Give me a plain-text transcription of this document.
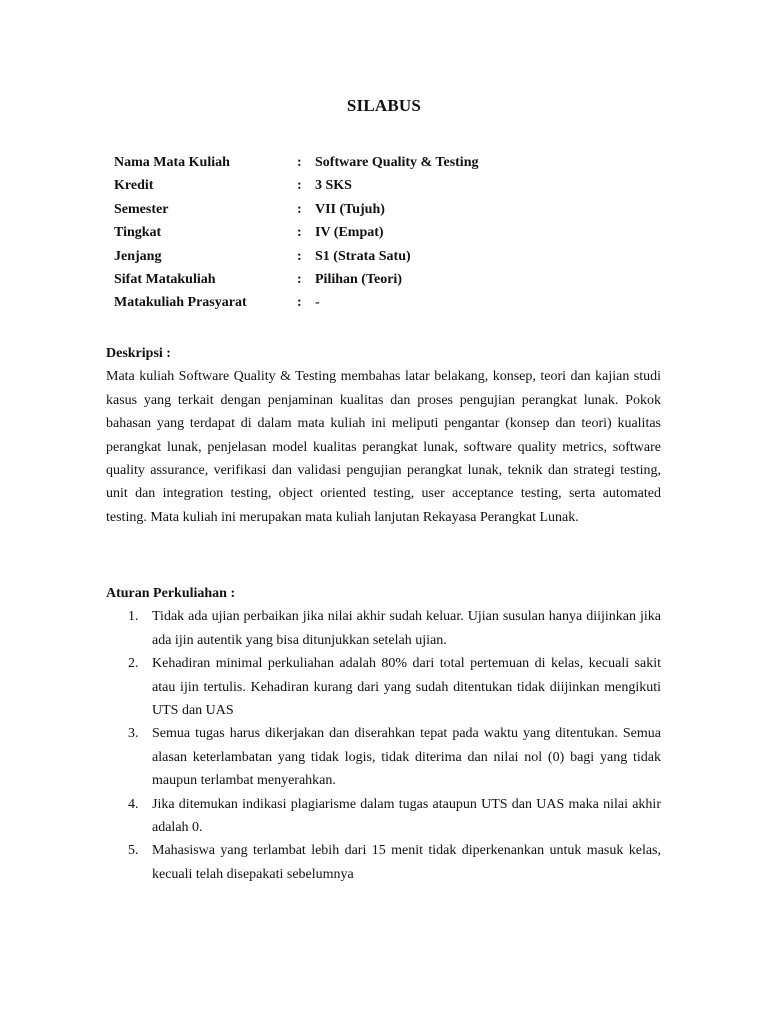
SILABUS
Nama Mata Kuliah	: Software Quality & Testing
Kredit	: 3 SKS
Semester	: VII (Tujuh)
Tingkat	: IV (Empat)
Jenjang	: S1 (Strata Satu)
Sifat Matakuliah	: Pilihan (Teori)
Matakuliah Prasyarat	: -
Deskripsi :

Mata kuliah Software Quality & Testing membahas latar belakang, konsep, teori dan kajian studi kasus yang terkait dengan penjaminan kualitas dan proses pengujian perangkat lunak. Pokok bahasan yang terdapat di dalam mata kuliah ini meliputi pengantar (konsep dan teori) kualitas perangkat lunak, penjelasan model kualitas perangkat lunak, software quality metrics, software quality assurance, verifikasi dan validasi pengujian perangkat lunak, teknik dan strategi testing, unit dan integration testing, object oriented testing, user acceptance testing, serta automated testing. Mata kuliah ini merupakan mata kuliah lanjutan Rekayasa Perangkat Lunak.

Aturan Perkuliahan :
1. Tidak ada ujian perbaikan jika nilai akhir sudah keluar. Ujian susulan hanya diijinkan jika ada ijin autentik yang bisa ditunjukkan setelah ujian.
2. Kehadiran minimal perkuliahan adalah 80% dari total pertemuan di kelas, kecuali sakit atau ijin tertulis. Kehadiran kurang dari yang sudah ditentukan tidak diijinkan mengikuti UTS dan UAS
3. Semua tugas harus dikerjakan dan diserahkan tepat pada waktu yang ditentukan. Semua alasan keterlambatan yang tidak logis, tidak diterima dan nilai nol (0) bagi yang tidak maupun terlambat menyerahkan.
4. Jika ditemukan indikasi plagiarisme dalam tugas ataupun UTS dan UAS maka nilai akhir adalah 0.
5. Mahasiswa yang terlambat lebih dari 15 menit tidak diperkenankan untuk masuk kelas, kecuali telah disepakati sebelumnya
